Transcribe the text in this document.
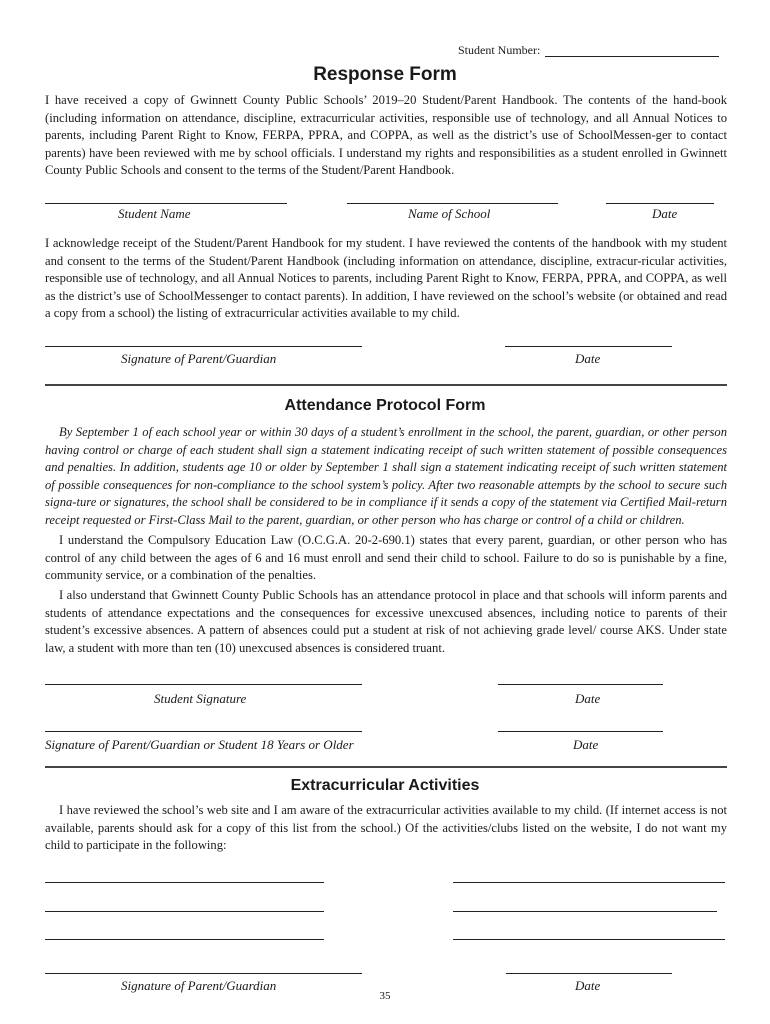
Student Number:
Response Form

I have received a copy of Gwinnett County Public Schools’ 2019–20 Student/Parent Handbook. The contents of the hand-book (including information on attendance, discipline, extracurricular activities, responsible use of technology, and all Annual Notices to parents, including Parent Right to Know, FERPA, PPRA, and COPPA, as well as the district’s use of SchoolMessen-ger to contact parents) have been reviewed with me by school officials. I understand my rights and responsibilities as a student enrolled in Gwinnett County Public Schools and consent to the terms of the Student/Parent Handbook.

Student Name	Name of School	Date

I acknowledge receipt of the Student/Parent Handbook for my student. I have reviewed the contents of the handbook with my student and consent to the terms of the Student/Parent Handbook (including information on attendance, discipline, extracur-ricular activities, responsible use of technology, and all Annual Notices to parents, including Parent Right to Know, FERPA, PPRA, and COPPA, as well as the district’s use of SchoolMessenger to contact parents). In addition, I have reviewed on the school’s website (or obtained and read a copy from a school) the listing of extracurricular activities available to my child.

Signature of Parent/Guardian	Date
Attendance Protocol Form

By September 1 of each school year or within 30 days of a student’s enrollment in the school, the parent, guardian, or other person having control or charge of each student shall sign a statement indicating receipt of such written statement of possible consequences and penalties. In addition, students age 10 or older by September 1 shall sign a statement indicating receipt of such written statement of possible consequences for non-compliance to the school system’s policy. After two reasonable attempts by the school to secure such signa-ture or signatures, the school shall be considered to be in compliance if it sends a copy of the statement via Certified Mail-return receipt requested or First-Class Mail to the parent, guardian, or other person who has charge or control of a child or children.

I understand the Compulsory Education Law (O.C.G.A. 20-2-690.1) states that every parent, guardian, or other person who has control of any child between the ages of 6 and 16 must enroll and send their child to school. Failure to do so is punishable by a fine, community service, or a combination of the penalties.

I also understand that Gwinnett County Public Schools has an attendance protocol in place and that schools will inform parents and students of attendance expectations and the consequences for excessive unexcused absences, including notice to parents of their student’s excessive absences. A pattern of absences could put a student at risk of not achieving grade level/ course AKS. Under state law, a student with more than ten (10) unexcused absences is considered truant.

Student Signature	Date
Signature of Parent/Guardian or Student 18 Years or Older	Date
Extracurricular Activities

I have reviewed the school’s web site and I am aware of the extracurricular activities available to my child. (If internet access is not available, parents should ask for a copy of this list from the school.) Of the activities/clubs listed on the website, I do not want my child to participate in the following:

Signature of Parent/Guardian	Date
35
